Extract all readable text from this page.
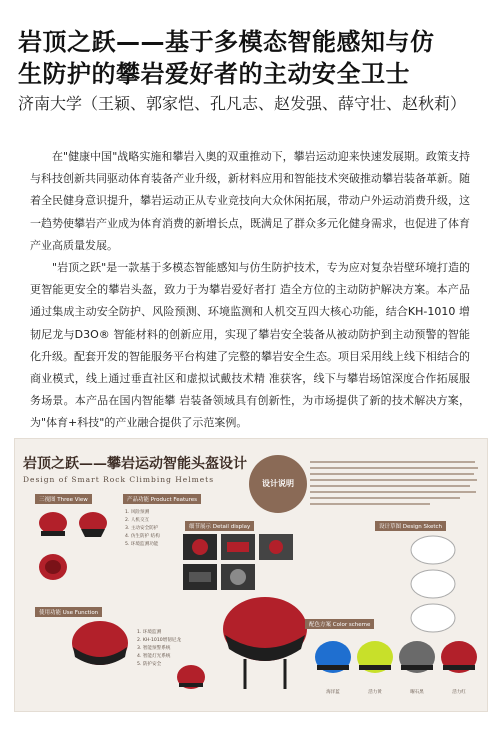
岩顶之跃——基于多模态智能感知与仿
生防护的攀岩爱好者的主动安全卫士
济南大学（王颖、郭家恺、孔凡志、赵发强、薛守壮、赵秋莉）

在"健康中国"战略实施和攀岩入奥的双重推动下，攀岩运动迎来快速发展期。政策支持与科技创新共同驱动体育装备产业升级，新材料应用和智能技术突破推动攀岩装备革新。随着全民健身意识提升，攀岩运动正从专业竞技向大众休闲拓展，带动户外运动消费升级，这一趋势使攀岩产业成为体育消费的新增长点，既满足了群众多元化健身需求，也促进了体育产业高质量发展。

"岩顶之跃"是一款基于多模态智能感知与仿生防护技术，专为应对复杂岩壁环境打造的更智能更安全的攀岩头盔，致力于为攀岩爱好者打 造全方位的主动防护解决方案。本产品通过集成主动安全防护、风险预测、环境监测和人机交互四大核心功能，结合KH-1010 增韧尼龙与D3O® 智能材料的创新应用，实现了攀岩安全装备从被动防护到主动预警的智能化升级。配套开发的智能服务平台构建了完整的攀岩安全生态。项目采用线上线下相结合的商业模式，线上通过垂直社区和虚拟试戴技术精 准获客，线下与攀岩场馆深度合作拓展服务场景。本产品在国内智能攀 岩装备领域具有创新性，为市场提供了新的技术解决方案，为"体育+科技"的产业融合提供了示范案例。

岩顶之跃——攀岩运动智能头盔设计
Design of Smart Rock Climbing Helmets	设计说明
三视图 Three View	产品功能 Product Features
1. 风险预测
2. 人机交互
3. 主动安全防护
4. 仿生防护 结构
5. 环境监测功能
细节展示 Detail display	设计草图 Design Sketch
使用功能 Use Function
1. 环境监测
2. KH-1010增韧尼龙
3. 智能预警系统
4. 智能灯光系统
5. 防护安全
配色方案 Color scheme
海洋蓝	活力黄	曜石黑	活力红
